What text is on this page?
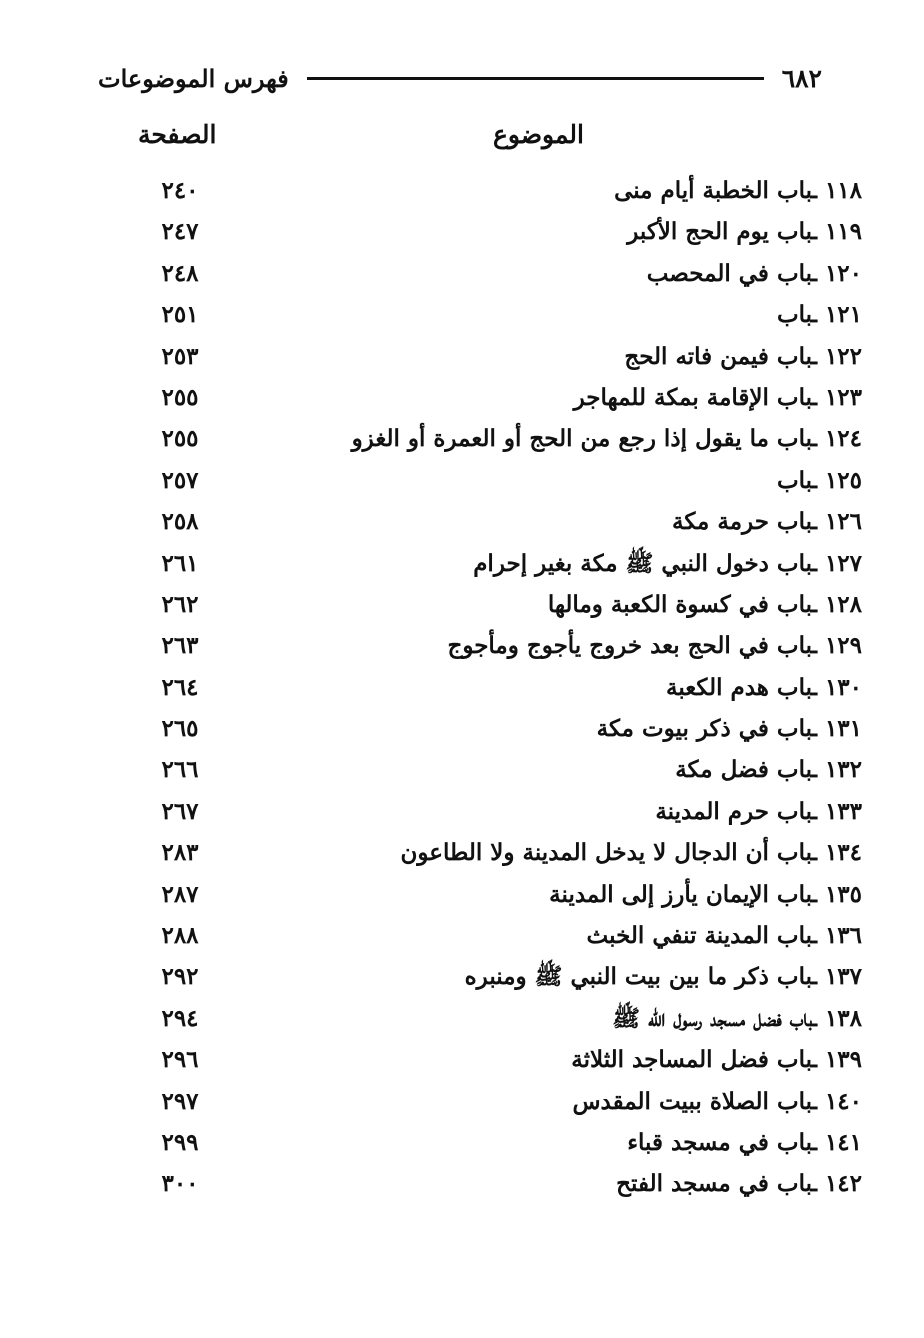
٦٨٢
فهرس الموضوعات
الموضوع
الصفحة
١١٨ ـ
باب الخطبة أيام منى
٢٤٠
١١٩ ـ
باب يوم الحج الأكبر
٢٤٧
١٢٠ ـ
باب في المحصب
٢٤٨
١٢١ ـ
باب
٢٥١
١٢٢ ـ
باب فيمن فاته الحج
٢٥٣
١٢٣ ـ
باب الإقامة بمكة للمهاجر
٢٥٥
١٢٤ ـ
باب ما يقول إذا رجع من الحج أو العمرة أو الغزو
٢٥٥
١٢٥ ـ
باب
٢٥٧
١٢٦ ـ
باب حرمة مكة
٢٥٨
١٢٧ ـ
باب دخول النبي ﷺ مكة بغير إحرام
٢٦١
١٢٨ ـ
باب في كسوة الكعبة ومالها
٢٦٢
١٢٩ ـ
باب في الحج بعد خروج يأجوج ومأجوج
٢٦٣
١٣٠ ـ
باب هدم الكعبة
٢٦٤
١٣١ ـ
باب في ذكر بيوت مكة
٢٦٥
١٣٢ ـ
باب فضل مكة
٢٦٦
١٣٣ ـ
باب حرم المدينة
٢٦٧
١٣٤ ـ
باب أن الدجال لا يدخل المدينة ولا الطاعون
٢٨٣
١٣٥ ـ
باب الإيمان يأرز إلى المدينة
٢٨٧
١٣٦ ـ
باب المدينة تنفي الخبث
٢٨٨
١٣٧ ـ
باب ذكر ما بين بيت النبي ﷺ ومنبره
٢٩٢
١٣٨ ـ
باب فضل مسجد رسول الله ﷺ
٢٩٤
١٣٩ ـ
باب فضل المساجد الثلاثة
٢٩٦
١٤٠ ـ
باب الصلاة ببيت المقدس
٢٩٧
١٤١ ـ
باب في مسجد قباء
٢٩٩
١٤٢ ـ
باب في مسجد الفتح
٣٠٠
